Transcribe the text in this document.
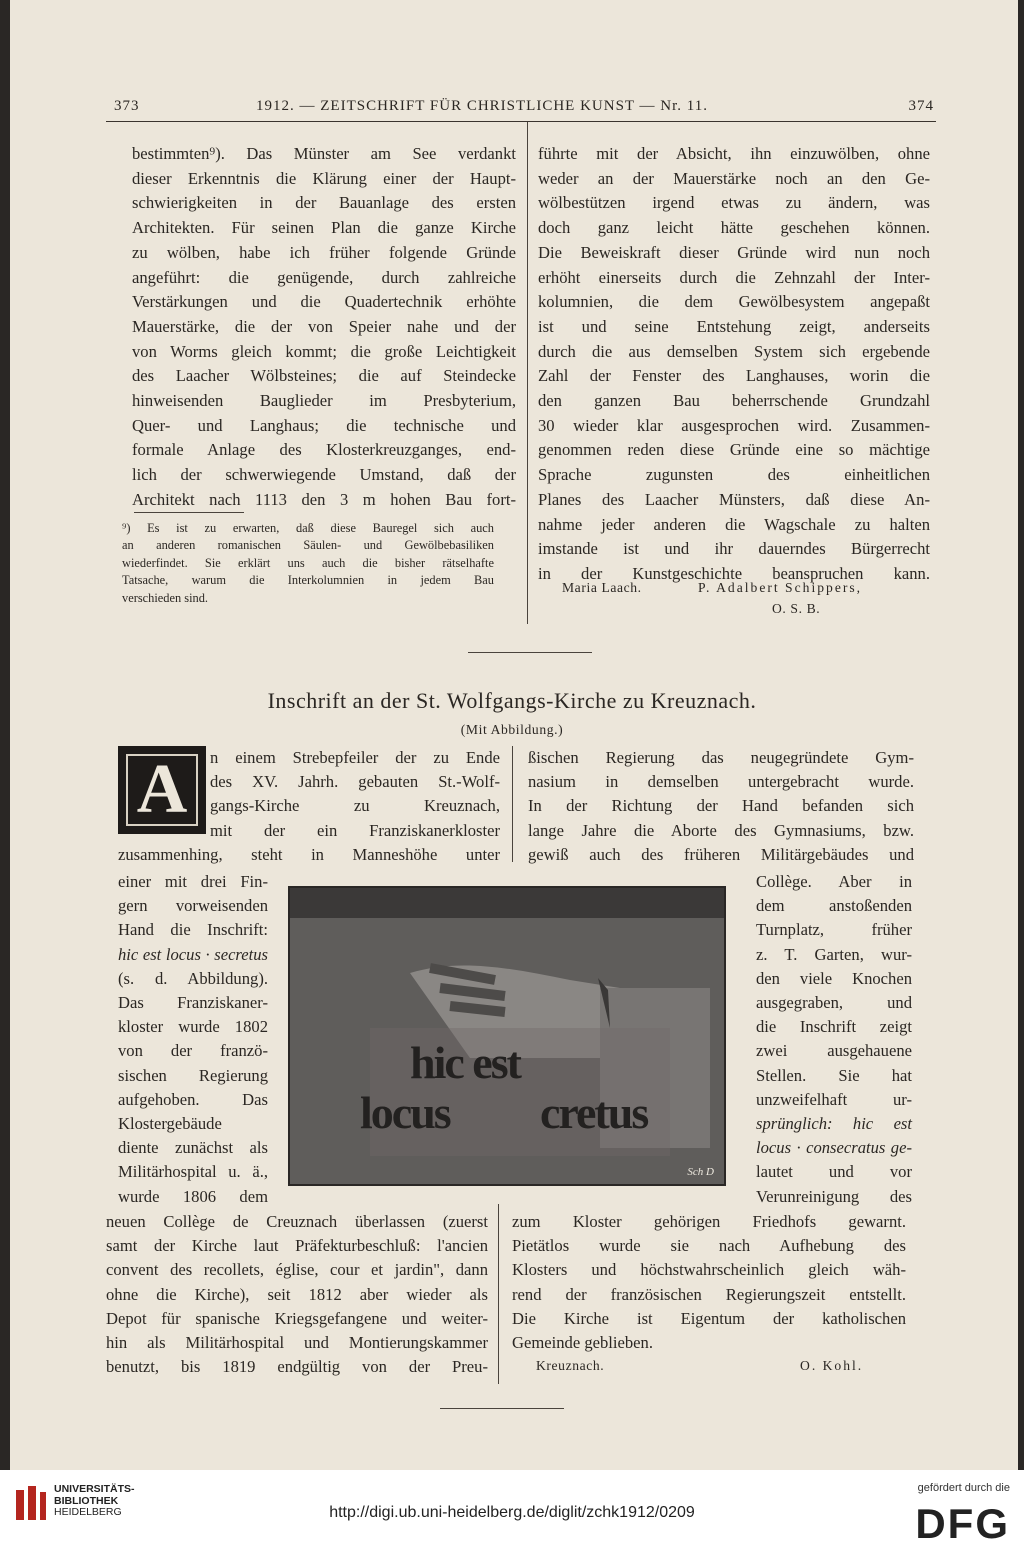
373	1912. — ZEITSCHRIFT FÜR CHRISTLICHE KUNST — Nr. 11.	374
bestimmten⁹). Das Münster am See verdankt
dieser Erkenntnis die Klärung einer der Haupt-
schwierigkeiten in der Bauanlage des ersten
Architekten. Für seinen Plan die ganze Kirche
zu wölben, habe ich früher folgende Gründe
angeführt: die genügende, durch zahlreiche
Verstärkungen und die Quadertechnik erhöhte
Mauerstärke, die der von Speier nahe und der
von Worms gleich kommt; die große Leichtigkeit
des Laacher Wölbsteines; die auf Steindecke
hinweisenden Bauglieder im Presbyterium,
Quer- und Langhaus; die technische und
formale Anlage des Klosterkreuzganges, end-
lich der schwerwiegende Umstand, daß der
Architekt nach 1113 den 3 m hohen Bau fort-
⁹) Es ist zu erwarten, daß diese Bauregel sich auch
an anderen romanischen Säulen- und Gewölbebasiliken
wiederfindet. Sie erklärt uns auch die bisher rätselhafte
Tatsache, warum die Interkolumnien in jedem Bau
verschieden sind.
führte mit der Absicht, ihn einzuwölben, ohne
weder an der Mauerstärke noch an den Ge-
wölbestützen irgend etwas zu ändern, was
doch ganz leicht hätte geschehen können.
Die Beweiskraft dieser Gründe wird nun noch
erhöht einerseits durch die Zehnzahl der Inter-
kolumnien, die dem Gewölbesystem angepaßt
ist und seine Entstehung zeigt, anderseits
durch die aus demselben System sich ergebende
Zahl der Fenster des Langhauses, worin die
den ganzen Bau beherrschende Grundzahl
30 wieder klar ausgesprochen wird. Zusammen-
genommen reden diese Gründe eine so mächtige
Sprache zugunsten des einheitlichen
Planes des Laacher Münsters, daß diese An-
nahme jeder anderen die Wagschale zu halten
imstande ist und ihr dauerndes Bürgerrecht
in der Kunstgeschichte beanspruchen kann.
Maria Laach.	P. Adalbert Schippers,
O. S. B.
Inschrift an der St. Wolfgangs-Kirche zu Kreuznach.
(Mit Abbildung.)
A	n einem Strebepfeiler der zu Ende
des XV. Jahrh. gebauten St.-Wolf-
gangs-Kirche zu Kreuznach,
mit der ein Franziskanerkloster
zusammenhing, steht in Manneshöhe unter
einer mit drei Fin-
gern vorweisenden
Hand die Inschrift:
hic est locus · secretus
(s. d. Abbildung).
Das Franziskaner-
kloster wurde 1802
von der franzö-
sischen Regierung
aufgehoben. Das
Klostergebäude
diente zunächst als
Militärhospital u. ä.,
wurde 1806 dem
neuen Collège de Creuznach überlassen (zuerst
samt der Kirche laut Präfekturbeschluß: l'ancien
convent des recollets, église, cour et jardin", dann
ohne die Kirche), seit 1812 aber wieder als
Depot für spanische Kriegsgefangene und weiter-
hin als Militärhospital und Montierungskammer
benutzt, bis 1819 endgültig von der Preu-
ßischen Regierung das neugegründete Gym-
nasium in demselben untergebracht wurde.
In der Richtung der Hand befanden sich
lange Jahre die Aborte des Gymnasiums, bzw.
gewiß auch des früheren Militärgebäudes und
Collège. Aber in
dem anstoßenden
Turnplatz, früher
z. T. Garten, wur-
den viele Knochen
ausgegraben, und
die Inschrift zeigt
zwei ausgehauene
Stellen. Sie hat
unzweifelhaft ur-
sprünglich: hic est
locus · consecratus ge-
lautet und vor
Verunreinigung des
zum Kloster gehörigen Friedhofs gewarnt.
Pietätlos wurde sie nach Aufhebung des
Klosters und höchstwahrscheinlich gleich wäh-
rend der französischen Regierungszeit entstellt.
Die Kirche ist Eigentum der katholischen
Gemeinde geblieben.
hic est
locus cretus
Sch D
Kreuznach.	O. Kohl.
UNIVERSITÄTS-
BIBLIOTHEK
HEIDELBERG	http://digi.ub.uni-heidelberg.de/diglit/zchk1912/0209
gefördert durch die
DFG
